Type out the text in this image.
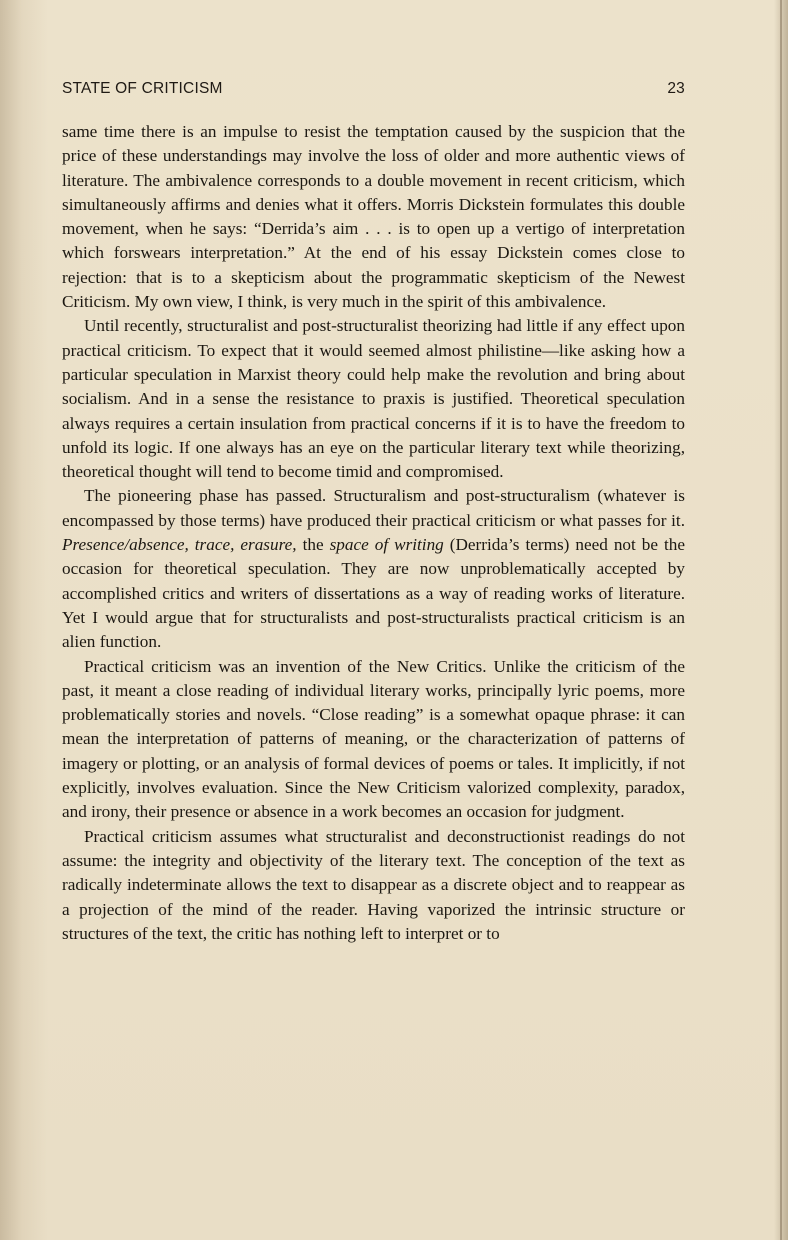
STATE OF CRITICISM	23

same time there is an impulse to resist the temptation caused by the suspicion that the price of these understandings may involve the loss of older and more authentic views of literature. The ambivalence corresponds to a double movement in recent criticism, which simultaneously affirms and denies what it offers. Morris Dickstein formulates this double movement, when he says: “Derrida’s aim . . . is to open up a vertigo of interpretation which forswears interpretation.” At the end of his essay Dickstein comes close to rejection: that is to a skepticism about the programmatic skepticism of the Newest Criticism. My own view, I think, is very much in the spirit of this ambivalence.

Until recently, structuralist and post-structuralist theorizing had little if any effect upon practical criticism. To expect that it would seemed almost philistine—like asking how a particular speculation in Marxist theory could help make the revolution and bring about socialism. And in a sense the resistance to praxis is justified. Theoretical speculation always requires a certain insulation from practical concerns if it is to have the freedom to unfold its logic. If one always has an eye on the particular literary text while theorizing, theoretical thought will tend to become timid and compromised.

The pioneering phase has passed. Structuralism and post-structuralism (whatever is encompassed by those terms) have produced their practical criticism or what passes for it. Presence/absence, trace, erasure, the space of writing (Derrida’s terms) need not be the occasion for theoretical speculation. They are now unproblematically accepted by accomplished critics and writers of dissertations as a way of reading works of literature. Yet I would argue that for structuralists and post-structuralists practical criticism is an alien function.

Practical criticism was an invention of the New Critics. Unlike the criticism of the past, it meant a close reading of individual literary works, principally lyric poems, more problematically stories and novels. “Close reading” is a somewhat opaque phrase: it can mean the interpretation of patterns of meaning, or the characterization of patterns of imagery or plotting, or an analysis of formal devices of poems or tales. It implicitly, if not explicitly, involves evaluation. Since the New Criticism valorized complexity, paradox, and irony, their presence or absence in a work becomes an occasion for judgment.

Practical criticism assumes what structuralist and deconstructionist readings do not assume: the integrity and objectivity of the literary text. The conception of the text as radically indeterminate allows the text to disappear as a discrete object and to reappear as a projection of the mind of the reader. Having vaporized the intrinsic structure or structures of the text, the critic has nothing left to interpret or to
